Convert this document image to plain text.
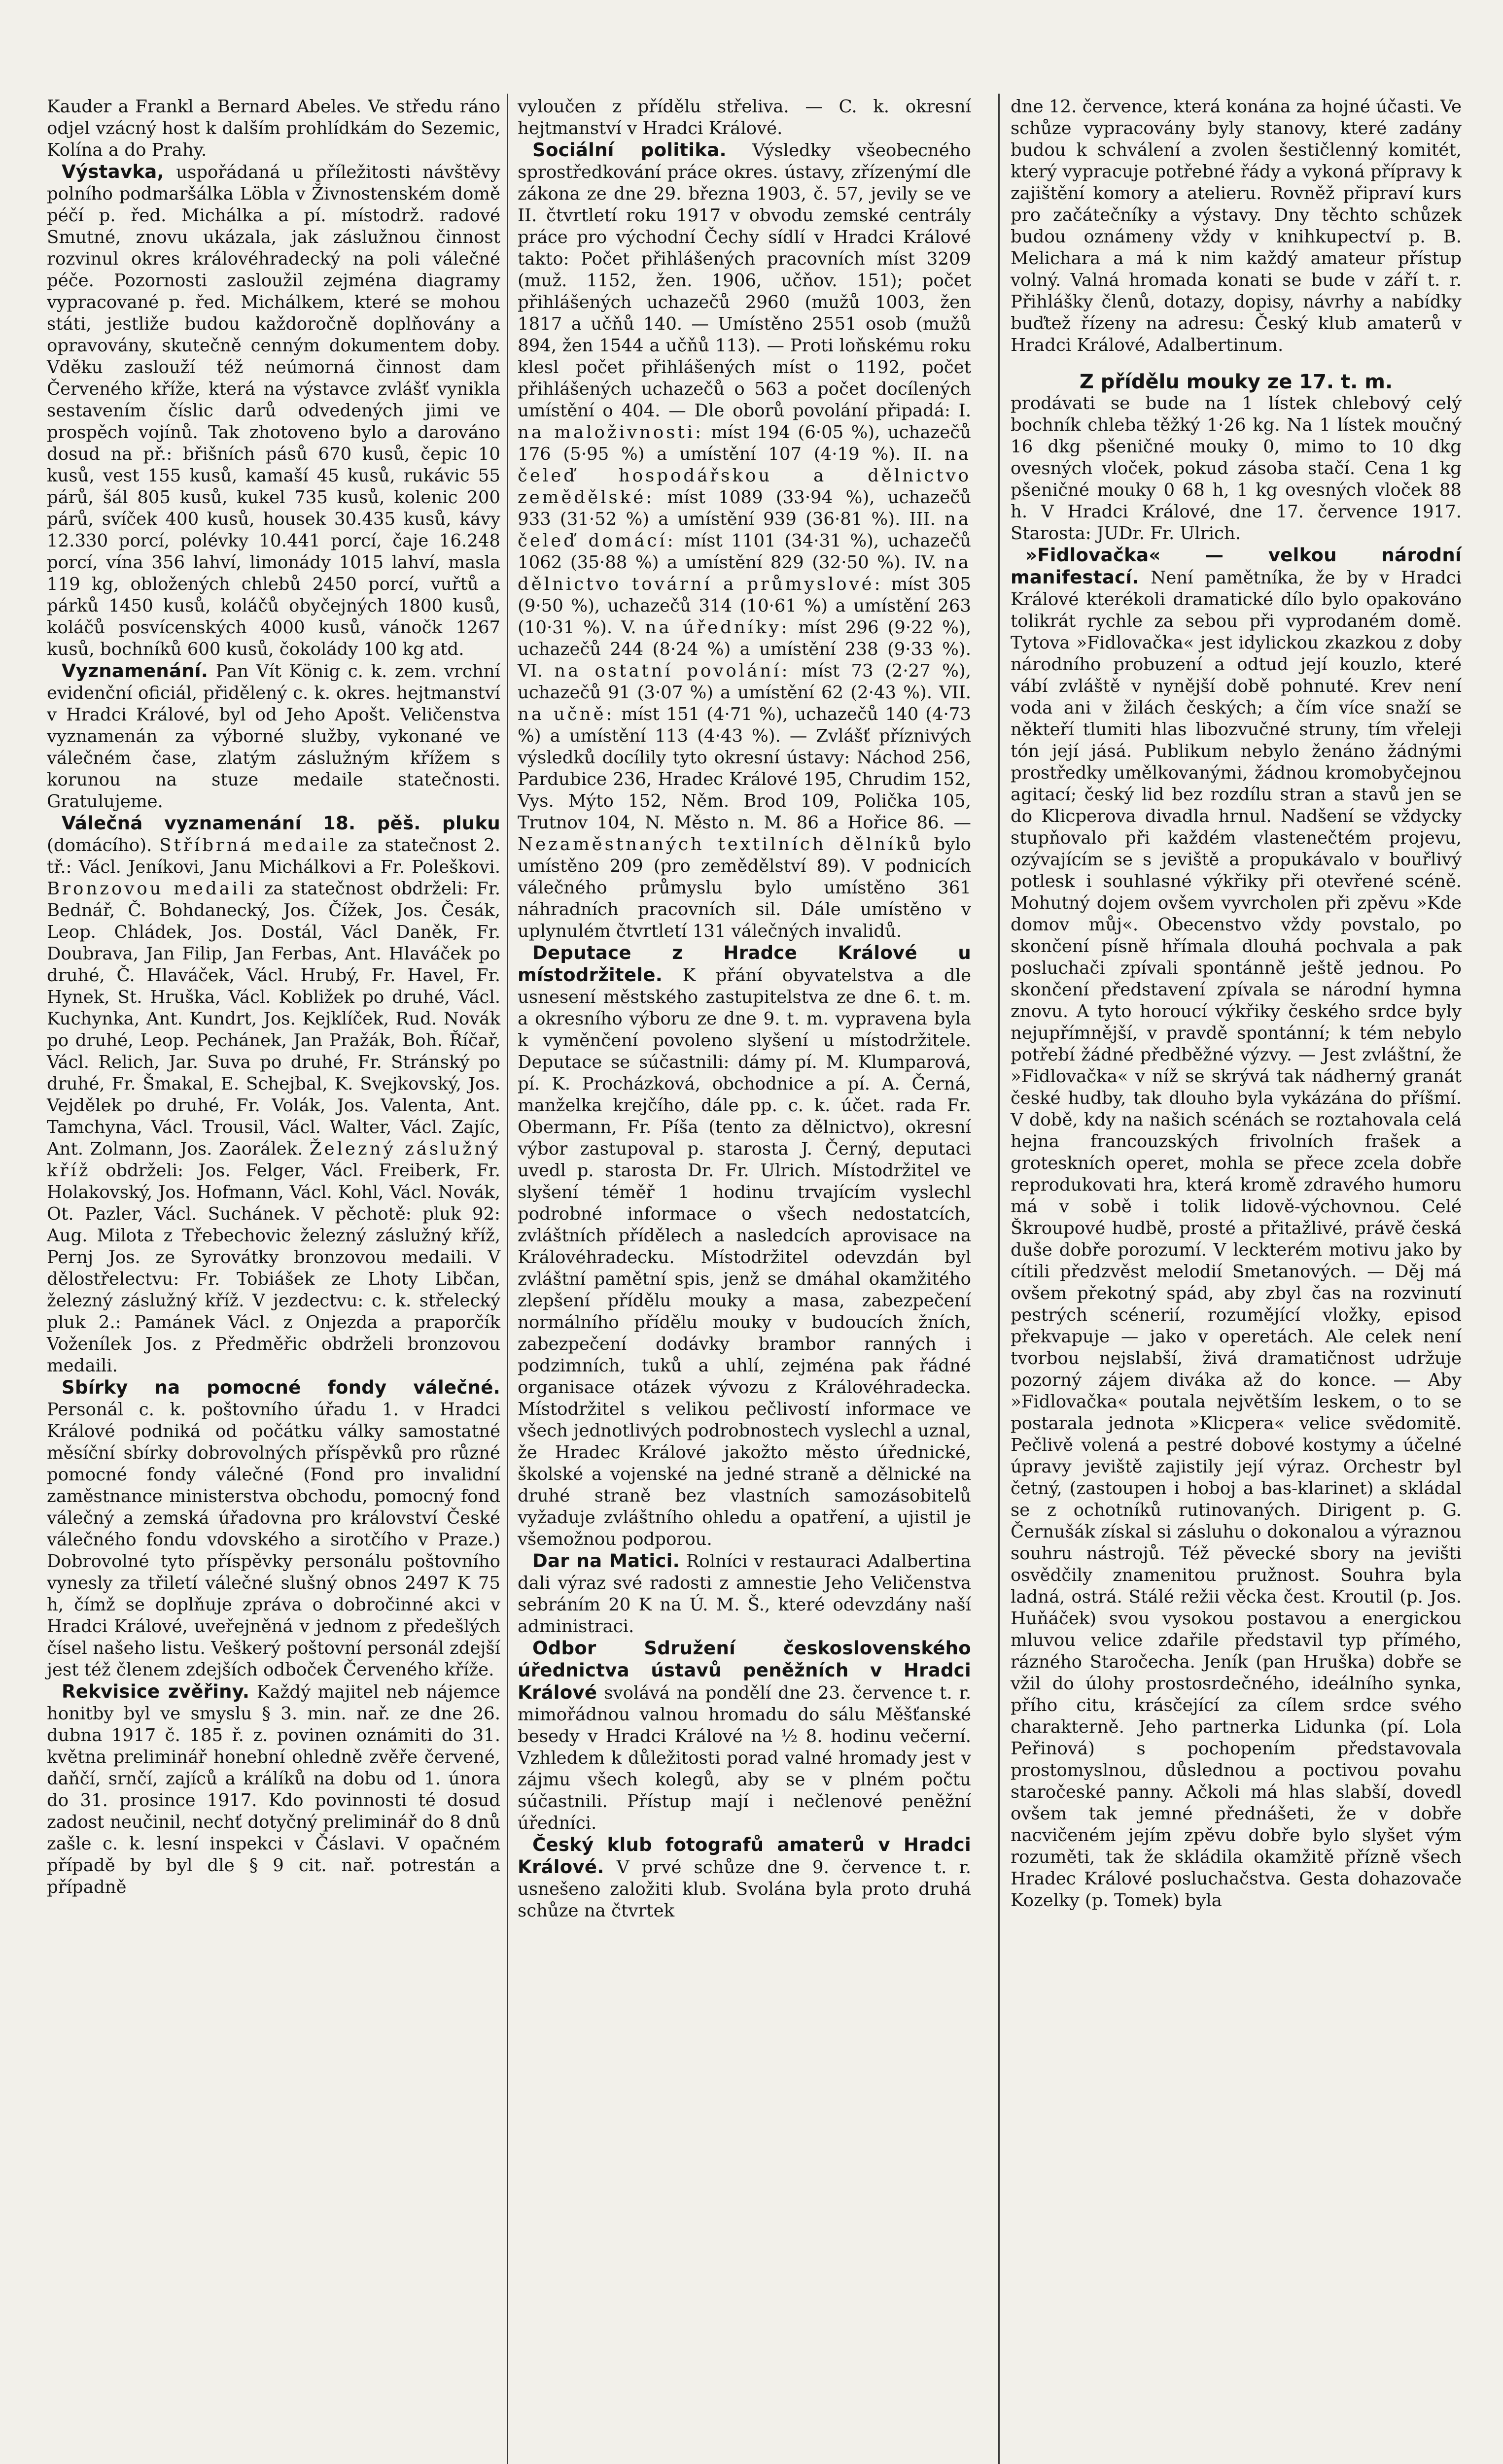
Kauder a Frankl a Bernard Abeles. Ve středu ráno odjel vzácný host k dalším prohlídkám do Sezemic, Kolína a do Prahy.

Výstavka, uspořádaná u příležitosti návštěvy polního podmaršálka Löbla v Živnostenském domě péčí p. řed. Michálka a pí. místodrž. radové Smutné, znovu ukázala, jak záslužnou činnost rozvinul okres královéhradecký na poli válečné péče. Pozornosti zasloužil zejména diagramy vypracované p. řed. Michálkem, které se mohou státi, jestliže budou každoročně doplňovány a opravovány, skutečně cenným dokumentem doby. Vděku zaslouží též neúmorná činnost dam Červeného kříže, která na výstavce zvlášť vynikla sestavením číslic darů odvedených jimi ve prospěch vojínů. Tak zhotoveno bylo a darováno dosud na př.: břišních pásů 670 kusů, čepic 10 kusů, vest 155 kusů, kamaší 45 kusů, rukávic 55 párů, šál 805 kusů, kukel 735 kusů, kolenic 200 párů, svíček 400 kusů, housek 30.435 kusů, kávy 12.330 porcí, polévky 10.441 porcí, čaje 16.248 porcí, vína 356 lahví, limonády 1015 lahví, masla 119 kg, obložených chlebů 2450 porcí, vuřtů a párků 1450 kusů, koláčů obyčejných 1800 kusů, koláčů posvícenských 4000 kusů, vánočk 1267 kusů, bochníků 600 kusů, čokolády 100 kg atd.

Vyznamenání. Pan Vít König c. k. zem. vrchní evidenční oficiál, přidělený c. k. okres. hejtmanství v Hradci Králové, byl od Jeho Apošt. Veličenstva vyznamenán za výborné služby, vykonané ve válečném čase, zlatým záslužným křížem s korunou na stuze medaile statečnosti. Gratulujeme.

Válečná vyznamenání 18. pěš. pluku (domácího). Stříbrná medaile za statečnost 2. tř.: Václ. Jeníkovi, Janu Michálkovi a Fr. Poleškovi. Bronzovou medaili za statečnost obdrželi: Fr. Bednář, Č. Bohdanecký, Jos. Čížek, Jos. Česák, Leop. Chládek, Jos. Dostál, Václ Daněk, Fr. Doubrava, Jan Filip, Jan Ferbas, Ant. Hlaváček po druhé, Č. Hlaváček, Václ. Hrubý, Fr. Havel, Fr. Hynek, St. Hruška, Václ. Kobližek po druhé, Václ. Kuchynka, Ant. Kundrt, Jos. Kejklíček, Rud. Novák po druhé, Leop. Pechánek, Jan Pražák, Boh. Říčař, Václ. Relich, Jar. Suva po druhé, Fr. Stránský po druhé, Fr. Šmakal, E. Schejbal, K. Svejkovský, Jos. Vejdělek po druhé, Fr. Volák, Jos. Valenta, Ant. Tamchyna, Václ. Trousil, Václ. Walter, Václ. Zajíc, Ant. Zolmann, Jos. Zaorálek. Železný záslužný kříž obdrželi: Jos. Felger, Václ. Freiberk, Fr. Holakovský, Jos. Hofmann, Václ. Kohl, Václ. Novák, Ot. Pazler, Václ. Suchánek. V pěchotě: pluk 92: Aug. Milota z Třebechovic železný záslužný kříž, Pernj Jos. ze Syrovátky bronzovou medaili. V dělostřelectvu: Fr. Tobiášek ze Lhoty Libčan, železný záslužný kříž. V jezdectvu: c. k. střelecký pluk 2.: Pamánek Václ. z Onjezda a praporčík Voženílek Jos. z Předměřic obdrželi bronzovou medaili.

Sbírky na pomocné fondy válečné. Personál c. k. poštovního úřadu 1. v Hradci Králové podniká od počátku války samostatné měsíční sbírky dobrovolných příspěvků pro různé pomocné fondy válečné (Fond pro invalidní zaměstnance ministerstva obchodu, pomocný fond válečný a zemská úřadovna pro království České válečného fondu vdovského a sirotčího v Praze.) Dobrovolné tyto příspěvky personálu poštovního vynesly za třiletí válečné slušný obnos 2497 K 75 h, čímž se doplňuje zpráva o dobročinné akci v Hradci Králové, uveřejněná v jednom z předešlých čísel našeho listu. Veškerý poštovní personál zdejší jest též členem zdejších odboček Červeného kříže.

Rekvisice zvěřiny. Každý majitel neb nájemce honitby byl ve smyslu § 3. min. nař. ze dne 26. dubna 1917 č. 185 ř. z. povinen oznámiti do 31. května preliminář honební ohledně zvěře červené, daňčí, srnčí, zajíců a králíků na dobu od 1. února do 31. prosince 1917. Kdo povinnosti té dosud zadost neučinil, nechť dotyčný preliminář do 8 dnů zašle c. k. lesní inspekci v Čáslavi. V opačném případě by byl dle § 9 cit. nař. potrestán a případně

vyloučen z přídělu střeliva. — C. k. okresní hejtmanství v Hradci Králové.

Sociální politika. Výsledky všeobecného sprostředkování práce okres. ústavy, zřízenýmí dle zákona ze dne 29. března 1903, č. 57, jevily se ve II. čtvrtletí roku 1917 v obvodu zemské centrály práce pro východní Čechy sídlí v Hradci Králové takto: Počet přihlášených pracovních míst 3209 (muž. 1152, žen. 1906, učňov. 151); počet přihlášených uchazečů 2960 (mužů 1003, žen 1817 a učňů 140. — Umístěno 2551 osob (mužů 894, žen 1544 a učňů 113). — Proti loňskému roku klesl počet přihlášených míst o 1192, počet přihlášených uchazečů o 563 a počet docílených umístění o 404. — Dle oborů povolání připadá: I. na maloživnosti: míst 194 (6·05 %), uchazečů 176 (5·95 %) a umístění 107 (4·19 %). II. na čeleď hospodářskou a dělnictvo zemědělské: míst 1089 (33·94 %), uchazečů 933 (31·52 %) a umístění 939 (36·81 %). III. na čeleď domácí: míst 1101 (34·31 %), uchazečů 1062 (35·88 %) a umístění 829 (32·50 %). IV. na dělnictvo tovární a průmyslové: míst 305 (9·50 %), uchazečů 314 (10·61 %) a umístění 263 (10·31 %). V. na úředníky: míst 296 (9·22 %), uchazečů 244 (8·24 %) a umístění 238 (9·33 %). VI. na ostatní povolání: míst 73 (2·27 %), uchazečů 91 (3·07 %) a umístění 62 (2·43 %). VII. na učně: míst 151 (4·71 %), uchazečů 140 (4·73 %) a umístění 113 (4·43 %). — Zvlášť příznivých výsledků docílily tyto okresní ústavy: Náchod 256, Pardubice 236, Hradec Králové 195, Chrudim 152, Vys. Mýto 152, Něm. Brod 109, Polička 105, Trutnov 104, N. Město n. M. 86 a Hořice 86. — Nezaměstnaných textilních dělníků bylo umístěno 209 (pro zemědělství 89). V podnicích válečného průmyslu bylo umístěno 361 náhradních pracovních sil. Dále umístěno v uplynulém čtvrtletí 131 válečných invalidů.

Deputace z Hradce Králové u místodržitele. K přání obyvatelstva a dle usnesení městského zastupitelstva ze dne 6. t. m. a okresního výboru ze dne 9. t. m. vypravena byla k vyměnčení povoleno slyšení u místodržitele. Deputace se súčastnili: dámy pí. M. Klumparová, pí. K. Procházková, obchodnice a pí. A. Černá, manželka krejčího, dále pp. c. k. účet. rada Fr. Obermann, Fr. Píša (tento za dělnictvo), okresní výbor zastupoval p. starosta J. Černý, deputaci uvedl p. starosta Dr. Fr. Ulrich. Místodržitel ve slyšení téměř 1 hodinu trvajícím vyslechl podrobné informace o všech nedostatcích, zvláštních přídělech a nasledcích aprovisace na Královéhradecku. Místodržitel odevzdán byl zvláštní pamětní spis, jenž se dmáhal okamžitého zlepšení přídělu mouky a masa, zabezpečení normálního přídělu mouky v budoucích žních, zabezpečení dodávky brambor ranných i podzimních, tuků a uhlí, zejména pak řádné organisace otázek vývozu z Královéhradecka. Místodržitel s velikou pečlivostí informace ve všech jednotlivých podrobnostech vyslechl a uznal, že Hradec Králové jakožto město úřednické, školské a vojenské na jedné straně a dělnické na druhé straně bez vlastních samozásobitelů vyžaduje zvláštního ohledu a opatření, a ujistil je všemožnou podporou.

Dar na Matici. Rolníci v restauraci Adalbertina dali výraz své radosti z amnestie Jeho Veličenstva sebráním 20 K na Ú. M. Š., které odevzdány naší administraci.

Odbor Sdružení československého úřednictva ústavů peněžních v Hradci Králové svolává na pondělí dne 23. července t. r. mimořádnou valnou hromadu do sálu Měšťanské besedy v Hradci Králové na ½ 8. hodinu večerní. Vzhledem k důležitosti porad valné hromady jest v zájmu všech kolegů, aby se v plném počtu súčastnili. Přístup mají i nečlenové peněžní úředníci.

Český klub fotografů amaterů v Hradci Králové. V prvé schůze dne 9. července t. r. usnešeno založiti klub. Svolána byla proto druhá schůze na čtvrtek

dne 12. července, která konána za hojné účasti. Ve schůze vypracovány byly stanovy, které zadány budou k schválení a zvolen šestičlenný komitét, který vypracuje potřebné řády a vykoná přípravy k zajištění komory a atelieru. Rovněž připraví kurs pro začátečníky a výstavy. Dny těchto schůzek budou oznámeny vždy v knihkupectví p. B. Melichara a má k nim každý amateur přístup volný. Valná hromada konati se bude v září t. r. Přihlášky členů, dotazy, dopisy, návrhy a nabídky buďtež řízeny na adresu: Český klub amaterů v Hradci Králové, Adalbertinum.

Z přídělu mouky ze 17. t. m.

prodávati se bude na 1 lístek chlebový celý bochník chleba těžký 1·26 kg. Na 1 lístek moučný 16 dkg pšeničné mouky 0, mimo to 10 dkg ovesných vloček, pokud zásoba stačí. Cena 1 kg pšeničné mouky 0 68 h, 1 kg ovesných vloček 88 h. V Hradci Králové, dne 17. července 1917. Starosta: JUDr. Fr. Ulrich.

»Fidlovačka« — velkou národní manifestací. Není pamětníka, že by v Hradci Králové kterékoli dramatické dílo bylo opakováno tolikrát rychle za sebou při vyprodaném domě. Tytova »Fidlovačka« jest idylickou zkazkou z doby národního probuzení a odtud její kouzlo, které vábí zvláště v nynější době pohnuté. Krev není voda ani v žilách českých; a čím více snaží se někteří tlumiti hlas libozvučné struny, tím vřeleji tón její jásá. Publikum nebylo ženáno žádnými prostředky umělkovanými, žádnou kromobyčejnou agitací; český lid bez rozdílu stran a stavů jen se do Klicperova divadla hrnul. Nadšení se vždycky stupňovalo při každém vlastenečtém projevu, ozývajícím se s jeviště a propukávalo v bouřlivý potlesk i souhlasné výkřiky při otevřené scéně. Mohutný dojem ovšem vyvrcholen při zpěvu »Kde domov můj«. Obecenstvo vždy povstalo, po skončení písně hřímala dlouhá pochvala a pak posluchači zpívali spontánně ještě jednou. Po skončení představení zpívala se národní hymna znovu. A tyto horoucí výkřiky českého srdce byly nejupřímnější, v pravdě spontánní; k tém nebylo potřebí žádné předběžné výzvy. — Jest zvláštní, že »Fidlovačka« v níž se skrývá tak nádherný granát české hudby, tak dlouho byla vykázána do příšmí. V době, kdy na našich scénách se roztahovala celá hejna francouzských frivolních frašek a groteskních operet, mohla se přece zcela dobře reprodukovati hra, která kromě zdravého humoru má v sobě i tolik lidově-výchovnou. Celé Škroupové hudbě, prosté a přitažlivé, právě česká duše dobře porozumí. V leckterém motivu jako by cítili předzvěst melodií Smetanových. — Děj má ovšem překotný spád, aby zbyl čas na rozvinutí pestrých scénerií, rozumějící vložky, episod překvapuje — jako v operetách. Ale celek není tvorbou nejslabší, živá dramatičnost udržuje pozorný zájem diváka až do konce. — Aby »Fidlovačka« poutala největším leskem, o to se postarala jednota »Klicpera« velice svědomitě. Pečlivě volená a pestré dobové kostymy a účelné úpravy jeviště zajistily její výraz. Orchestr byl četný, (zastoupen i hoboj a bas-klarinet) a skládal se z ochotníků rutinovaných. Dirigent p. G. Černušák získal si zásluhu o dokonalou a výraznou souhru nástrojů. Též pěvecké sbory na jevišti osvědčily znamenitou pružnost. Souhra byla ladná, ostrá. Stálé režii věcka čest. Kroutil (p. Jos. Huňáček) svou vysokou postavou a energickou mluvou velice zdařile představil typ přímého, rázného Staročecha. Jeník (pan Hruška) dobře se vžil do úlohy prostosrdečného, ideálního synka, přího citu, krásčející za cílem srdce svého charakterně. Jeho partnerka Lidunka (pí. Lola Peřinová) s pochopením představovala prostomyslnou, důslednou a poctivou povahu staročeské panny. Ačkoli má hlas slabší, dovedl ovšem tak jemné přednášeti, že v dobře nacvičeném jejím zpěvu dobře bylo slyšet vým rozuměti, tak že skládila okamžitě přízně všech Hradec Králové posluchačstva. Gesta dohazovače Kozelky (p. Tomek) byla
